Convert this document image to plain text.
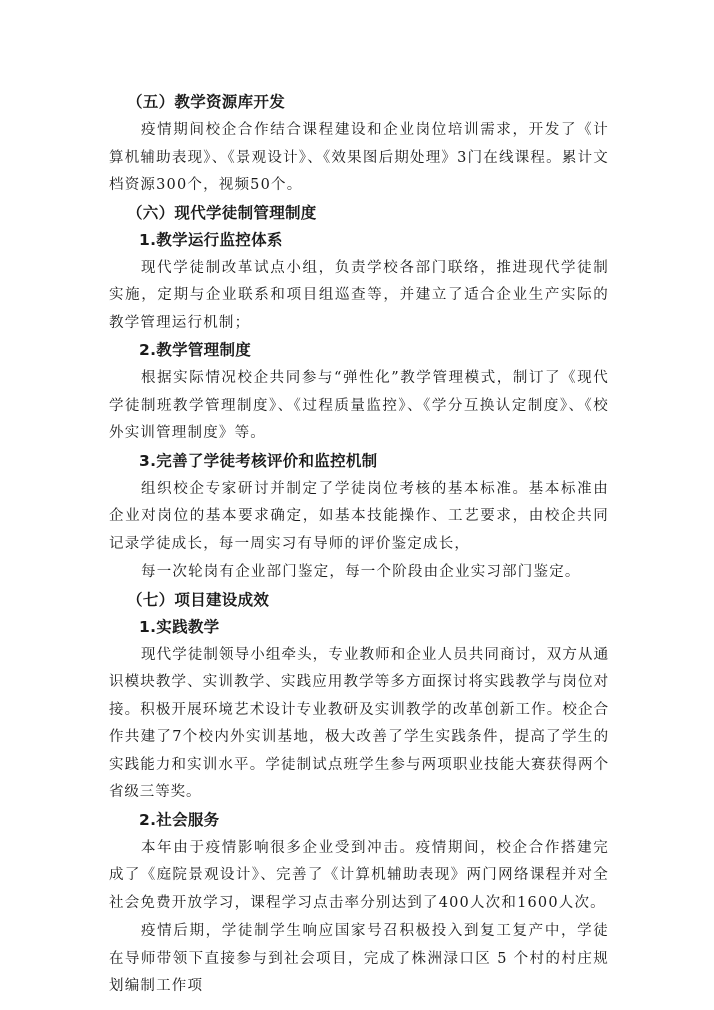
（五）教学资源库开发
疫情期间校企合作结合课程建设和企业岗位培训需求，开发了《计算机辅助表现》、《景观设计》、《效果图后期处理》3门在线课程。累计文档资源300个，视频50个。
（六）现代学徒制管理制度
1.教学运行监控体系
现代学徒制改革试点小组，负责学校各部门联络，推进现代学徒制实施，定期与企业联系和项目组巡查等，并建立了适合企业生产实际的教学管理运行机制；
2.教学管理制度
根据实际情况校企共同参与“弹性化”教学管理模式，制订了《现代学徒制班教学管理制度》、《过程质量监控》、《学分互换认定制度》、《校外实训管理制度》等。
3.完善了学徒考核评价和监控机制
组织校企专家研讨并制定了学徒岗位考核的基本标准。基本标准由企业对岗位的基本要求确定，如基本技能操作、工艺要求，由校企共同记录学徒成长，每一周实习有导师的评价鉴定成长，
每一次轮岗有企业部门鉴定，每一个阶段由企业实习部门鉴定。
（七）项目建设成效
1.实践教学
现代学徒制领导小组牵头，专业教师和企业人员共同商讨，双方从通识模块教学、实训教学、实践应用教学等多方面探讨将实践教学与岗位对接。积极开展环境艺术设计专业教研及实训教学的改革创新工作。校企合作共建了7个校内外实训基地，极大改善了学生实践条件，提高了学生的实践能力和实训水平。学徒制试点班学生参与两项职业技能大赛获得两个省级三等奖。
2.社会服务
本年由于疫情影响很多企业受到冲击。疫情期间，校企合作搭建完成了《庭院景观设计》、完善了《计算机辅助表现》两门网络课程并对全社会免费开放学习，课程学习点击率分别达到了400人次和1600人次。
疫情后期，学徒制学生响应国家号召积极投入到复工复产中，学徒在导师带领下直接参与到社会项目，完成了株洲渌口区 5 个村的村庄规划编制工作项
